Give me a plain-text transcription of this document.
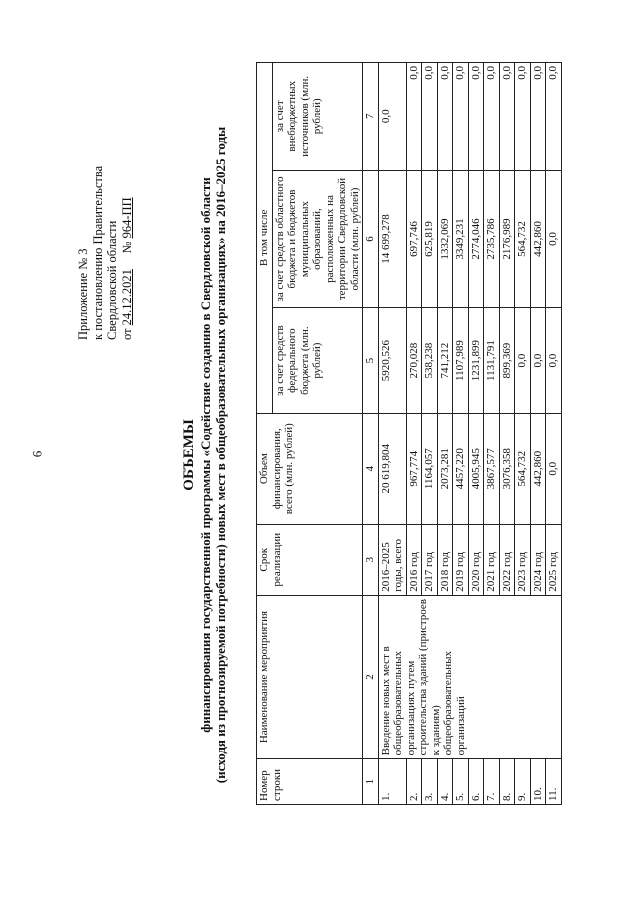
6
Приложение № 3 к постановлению Правительства Свердловской области от 24.12.2021     № 964-ПП
ОБЪЕМЫ финансирования государственной программы «Содействие созданию в Свердловской области (исходя из прогнозируемой потребности) новых мест в общеобразовательных организациях» на 2016–2025 годы
Номер строки	Наименование мероприятия	Срок реализации	Объем финансирования, всего (млн. рублей)	В том числе		
				за счет средств федерального бюджета (млн. рублей)	за счет средств областного бюджета и бюджетов муниципальных образований, расположенных на территории Свердловской области (млн. рублей)	за счет внебюджетных источников (млн. рублей)
1	2	3	4	5	6	7
1.	Введение новых мест в общеобразовательных организациях путем строительства зданий (пристроев к зданиям) общеобразовательных организаций	2016–2025 годы, всего	20 619,804	5920,526	14 699,278	0,0
2.		2016 год	967,774	270,028	697,746	0,0
3.		2017 год	1164,057	538,238	625,819	0,0
4.		2018 год	2073,281	741,212	1332,069	0,0
5.		2019 год	4457,220	1107,989	3349,231	0,0
6.		2020 год	4005,945	1231,899	2774,046	0,0
7.		2021 год	3867,577	1131,791	2735,786	0,0
8.		2022 год	3076,358	899,369	2176,989	0,0
9.		2023 год	564,732	0,0	564,732	0,0
10.		2024 год	442,860	0,0	442,860	0,0
11.		2025 год	0,0	0,0	0,0	0,0
